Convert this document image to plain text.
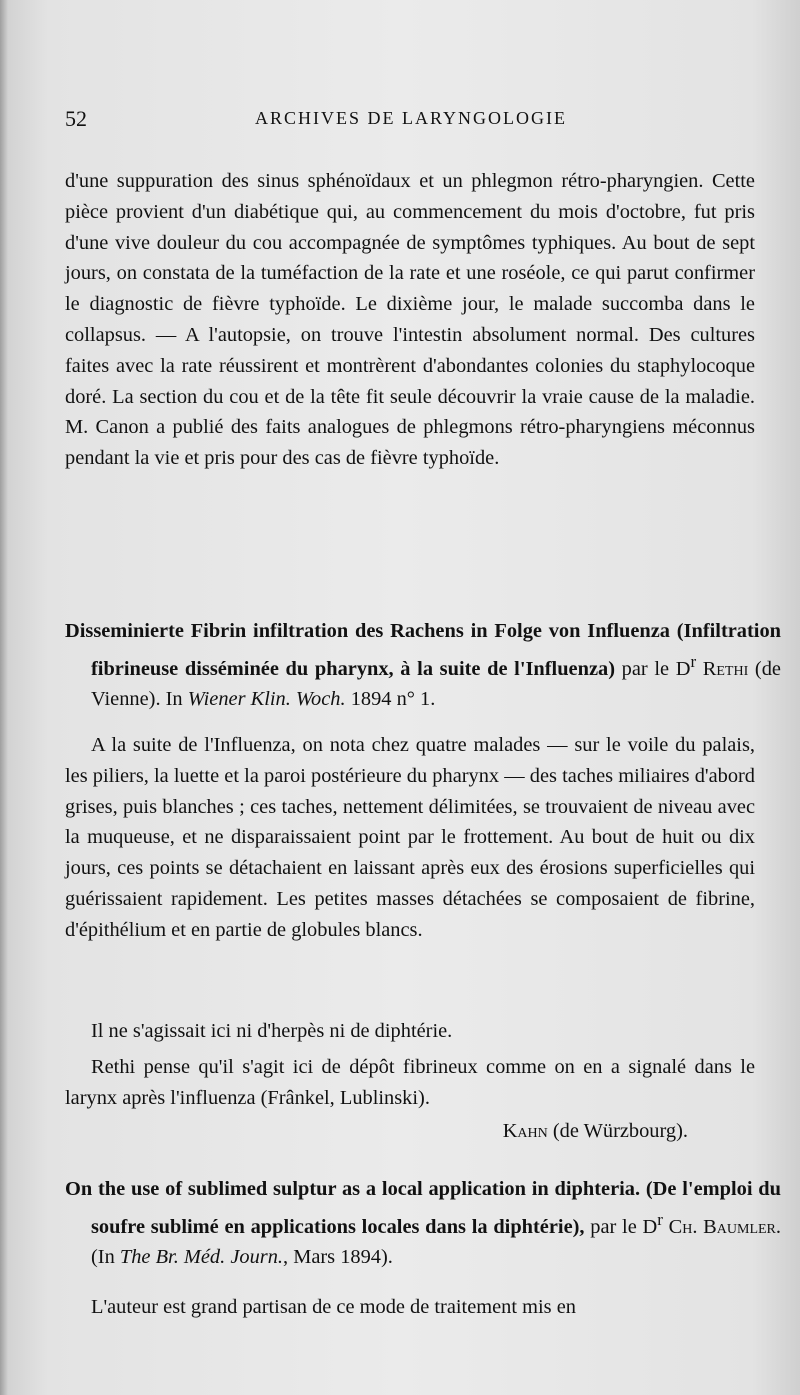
52	ARCHIVES DE LARYNGOLOGIE
d'une suppuration des sinus sphénoïdaux et un phlegmon rétro-pharyngien. Cette pièce provient d'un diabétique qui, au commencement du mois d'octobre, fut pris d'une vive douleur du cou accompagnée de symptômes typhiques. Au bout de sept jours, on constata de la tuméfaction de la rate et une roséole, ce qui parut confirmer le diagnostic de fièvre typhoïde. Le dixième jour, le malade succomba dans le collapsus. — A l'autopsie, on trouve l'intestin absolument normal. Des cultures faites avec la rate réussirent et montrèrent d'abondantes colonies du staphylocoque doré. La section du cou et de la tête fit seule découvrir la vraie cause de la maladie. M. Canon a publié des faits analogues de phlegmons rétro-pharyngiens méconnus pendant la vie et pris pour des cas de fièvre typhoïde.
Disseminierte Fibrin infiltration des Rachens in Folge von Influenza (Infiltration fibrineuse disséminée du pharynx, à la suite de l'Influenza) par le $D^r$ Rethi (de Vienne). In Wiener Klin. Woch. 1894 n° 1.
A la suite de l'Influenza, on nota chez quatre malades — sur le voile du palais, les piliers, la luette et la paroi postérieure du pharynx — des taches miliaires d'abord grises, puis blanches ; ces taches, nettement délimitées, se trouvaient de niveau avec la muqueuse, et ne disparaissaient point par le frottement. Au bout de huit ou dix jours, ces points se détachaient en laissant après eux des érosions superficielles qui guérissaient rapidement. Les petites masses détachées se composaient de fibrine, d'épithélium et en partie de globules blancs.
Il ne s'agissait ici ni d'herpès ni de diphtérie.
Rethi pense qu'il s'agit ici de dépôt fibrineux comme on en a signalé dans le larynx après l'influenza (Frânkel, Lublinski).
Kahn (de Würzbourg).
On the use of sublimed sulptur as a local application in diphteria. (De l'emploi du soufre sublimé en applications locales dans la diphtérie), par le $D^r$ Ch. Baumler. (In The Br. Méd. Journ., Mars 1894).
L'auteur est grand partisan de ce mode de traitement mis en
